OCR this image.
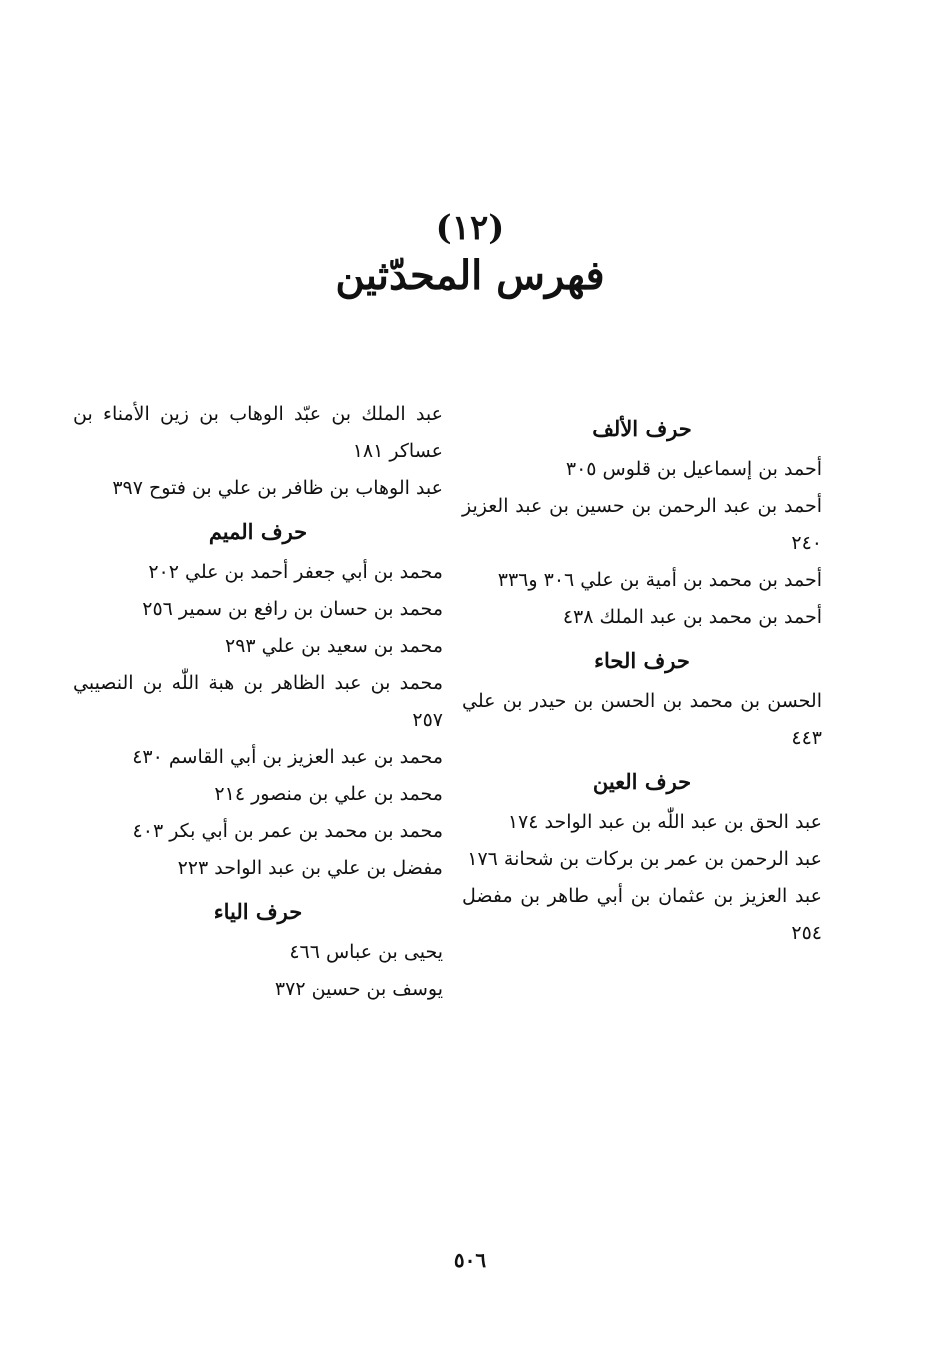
(١٢)
فهرس المحدّثين
حرف الألف
أحمد بن إسماعيل بن قلوس ٣٠٥
أحمد بن عبد الرحمن بن حسين بن عبد العزيز ٢٤٠
أحمد بن محمد بن أمية بن علي ٣٠٦ و٣٣٦
أحمد بن محمد بن عبد الملك ٤٣٨
حرف الحاء
الحسن بن محمد بن الحسن بن حيدر بن علي ٤٤٣
حرف العين
عبد الحق بن عبد اللّٰه بن عبد الواحد ١٧٤
عبد الرحمن بن عمر بن بركات بن شحانة ١٧٦
عبد العزيز بن عثمان بن أبي طاهر بن مفضل ٢٥٤
عبد الملك بن عبّد الوهاب بن زين الأمناء بن عساكر ١٨١
عبد الوهاب بن ظافر بن علي بن فتوح ٣٩٧
حرف الميم
محمد بن أبي جعفر أحمد بن علي ٢٠٢
محمد بن حسان بن رافع بن سمير ٢٥٦
محمد بن سعيد بن علي ٢٩٣
محمد بن عبد الظاهر بن هبة اللّٰه بن النصيبي ٢٥٧
محمد بن عبد العزيز بن أبي القاسم ٤٣٠
محمد بن علي بن منصور ٢١٤
محمد بن محمد بن عمر بن أبي بكر ٤٠٣
مفضل بن علي بن عبد الواحد ٢٢٣
حرف الياء
يحيى بن عباس ٤٦٦
يوسف بن حسين ٣٧٢
٥٠٦
